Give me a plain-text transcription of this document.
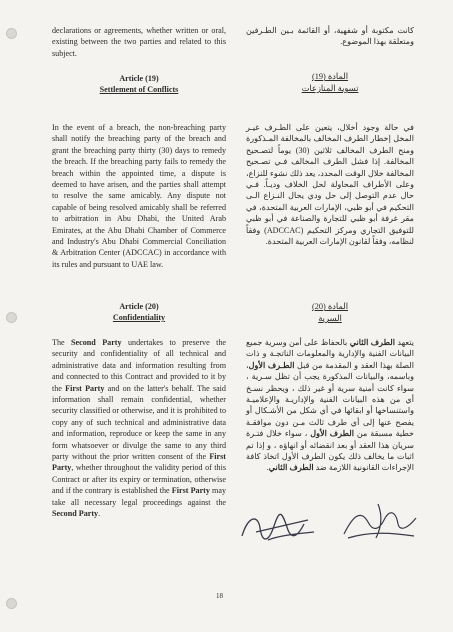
declarations or agreements, whether written or oral, existing between the two parties and related to this subject.

كانت مكتوبة أو شفهية، أو القائمة بـين الطـرفين ومتعلقة بهذا الموضوع.

Article (19)
Settlement of Conflicts
المادة (19)
تسوية المنازعات

In the event of a breach, the non-breaching party shall notify the breaching party of the breach and grant the breaching party thirty (30) days to remedy the breach. If the breaching party fails to remedy the breach within the appointed time, a dispute is deemed to have arisen, and the parties shall attempt to resolve the same amicably. Any dispute not capable of being resolved amicably shall be referred to arbitration in Abu Dhabi, the United Arab Emirates, at the Abu Dhabi Chamber of Commerce and Industry's Abu Dhabi Commercial Conciliation & Arbitration Center (ADCCAC) in accordance with its rules and pursuant to UAE law.

في حالة وجود أخلال، يتعين على الطـرف غيـر المخل إخطار الطرف المخالف بالمخالفة المـذكورة ومنح الطرف المخالف ثلاثين (30) يوماً لتصـحيح المخالفة. إذا فشل الطرف المخالف فـي تصـحيح المخالفة خلال الوقت المحدد، يعد ذلك نشوء للنزاع، وعلى الأطراف المحاولة لحل الخلاف وديـاً. فـي حال عدم التوصل إلى حل ودي يحال النـزاع الـى التحكيم في أبو ظبي، الإمارات العربية المتحدة، في مقر غرفة أبو ظبي للتجارة والصناعة في أبو ظبي للتوفيق التجاري ومركز التحكيم (ADCCAC) وفقاً لنظامه، وفقاً لقانون الإمارات العربية المتحدة.

Article (20)
Confidentiality
المادة (20)
السرية

The Second Party undertakes to preserve the security and confidentiality of all technical and administrative data and information resulting from and connected to this Contract and provided to it by the First Party and on the latter's behalf. The said information shall remain confidential, whether security classified or otherwise, and it is prohibited to copy any of such technical and administrative data and information, reproduce or keep the same in any form whatsoever or divulge the same to any third party without the prior written consent of the First Party, whether throughout the validity period of this Contract or after its expiry or termination, otherwise and if the contrary is established the First Party may take all necessary legal proceedings against the Second Party.

يتعهد الطرف الثاني بالحفاظ على أمن وسرية جميع البيانات الفنية والإدارية والمعلومات الناتجـة و ذات الصلة بهذا العقد و المقدمة من قبل الطـرف الأول، وباسمه، والبيانات المذكورة يجب أن تظل سـرية ، سواء كانت أمنية سرية أو غير ذلك ، ويحظر نسـخ أي من هذه البيانات الفنية والإداريـة والإعلاميـة واستنساخها أو ابقائها في أي شكل من الأشـكال أو يفصح عنها إلى أي طرف ثالث مـن دون موافقـة خطية مسبقة من الطرف الأول ، سواء خلال فتـرة سريان هذا العقد أو بعد انقضائه أو انهاؤه ، و إذا تم اثبات ما يخالف ذلك يكون الطرف الأول اتخاذ كافة الإجراءات القانونية اللازمة ضد الطرف الثاني.

18
